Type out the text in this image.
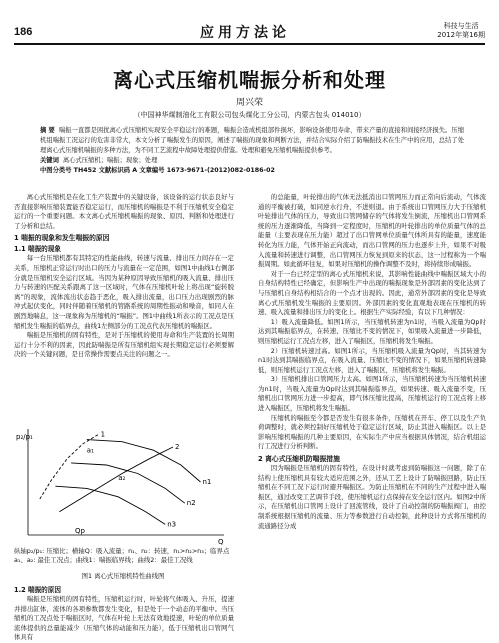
186	应用方法论	科技与生活
2012年第16期
离心式压缩机喘振分析和处理
周兴荣
（中国神华煤制油化工有限公司包头煤化工分公司，内蒙古包头 014010）
摘 要 喘振一直都是困扰离心式压缩机实现安全平稳运行的难题，喘振会造成机组部件损坏，影响设备使用寿命，带来产量的直接和间接经济损失。压缩机组喘振工况运行的危害非常大，本文分析了喘振发生的原因，阐述了喘振的现象和判断方法，并结合实际介绍了防喘振技术在生产中的应用，总结了处理离心式压缩机喘振的多种方法，为不同工艺流程中故障处理提供借鉴。处理和避免压缩机喘振提供参考。
关键词 离心式压缩机；喘振；现象；处理
中图分类号 TH452 文献标识码 A 文章编号 1673-9671-(2012)082-0186-02

离心式压缩机是在化工生产装置中的关键设备，该设备的运行状态良好与否直接影响压缩装置能否稳定运行，而压缩机的喘振是不利于压缩机安全稳定运行的一个重要问题。本文离心式压缩机喘振的现象、原因、判断和处理进行了分析和总结。

1 喘振的现象和发生喘振的原因
1.1 喘振的现象

每一台压缩机都有其特定的性能曲线，转速与流量、排出压力间存在一定关系，压缩机正常运行时出口的压力与流量在一定范围，如图1中曲线1右侧部分就是压缩机安全运行区域。当因为某种原因导致压缩机的吸入流量、排出压力与转速的匹配关系跟离了这一区域时，气体在压缩机叶轮上将出现“旋转脱离”的现象，流体流出状态趋于恶化，吸入排出流量，出口压力出现剧烈的脉冲式起伏变化，同时伴随着压缩机的管路系统的周期性振动和噪音，如同人在剧烈地喘息，这一现象称为压缩机的“喘振”。图1中曲线1所表示的工况点是压缩机发生喘振的临界点，曲线1左侧部分的工况点代表压缩机的喘振区。

喘振是压缩机的固有特性，是对于压缩机的使用寿命和生产装置的长周期运行十分不利的因素，因此防喘振是所有压缩机组实现长期稳定运行必须要解决的一个关键问题，是日常操作需要点关注的问题之一。

p₂/p₁
Q
1
2
n1
n2
n3
Qp
a₁
a₂
纵轴p₂/p₁: 压缩比；横轴Q：吸入流量；n₁、n₂：转速，n₁>n₂>n₃；临界点a₁、a₂: 最佳工况点；曲线1：喘振临界线；曲线2：最佳工况线
图1 离心式压缩机特性曲线图
1.2 喘振的原因

喘振是压缩机的固有特性，压缩机运行时，叶轮将气体吸入、升压，提速并排出缸体，流体的各项参数都发生变化，但是处于一个动态的平衡中。当压缩机的工况点处于喘振区时，气体在叶轮上无法有效地提速，叶轮的单位质量流体提供的总量能减少（压缩气体的动能和压力能），低于压缩机出口管网气体具有

的总能量，叶轮排出的气体无法抵消出口管网压力而正常向后流动，气体流通的平衡被打破，如同逆水行舟，不进则退。由于系统出口管网压力大于压缩机叶轮排出气体的压力，导致出口管网储存的气体将发生倒流，压缩机出口管网系统的压力逐渐降低，当降到一定程度时，压缩机的叶轮排出的单位质量气体的总能量（主要表现在压力能）超过了出口管网单位质量气体所具有的能量，速度能转化为压力能，气体开始正向流动，而出口管网的压力也逐步上升，如果不对吸入流量和转速进行调整，出口管网压力恢复到原来的状态，这一过程称为一个喘振周期。如此循环往复，如果对压缩机的操作调整不及时，将持续形成喘振。

对于一台已经定型的离心式压缩机来说，其影响性能曲线中喘振区域大小的自身结构特性已经确定，但影响生产中出现的喘振现象是外部因素的变化达到了与压缩机自身结构相结合的一个点才出现的。因此，通常外部因素的变化是导致离心式压缩机发生喘振的主要原因。外部因素的变化直观地表现在压缩机的转速、吸入流量和排出压力的变化上。根据生产实际经验，有以下几种情况：

1）吸入流量降低。如图1所示，当压缩机转速为n1时，当吸入流量为Qp时达到其喘振临界点，在转速、压缩比不变的情况下，如果吸入流量进一步降低，则压缩机运行工况点左移，进入了喘振区，压缩机将发生喘振。

2）压缩机转速过高。如图1所示，当压缩机吸入流量为Qp时，当其转速为n1时达到其喘振临界点，在吸入流量、压缩比不变的情况下，如果压缩机转速降低，则压缩机运行工况点左移，进入了喘振区，压缩机将发生喘振。

3）压缩机排出口管网压力太高。如图1所示，当压缩机转速为当压缩机转速为n1时，当吸入流量为Qp时达到其喘振临界点，如果转速、吸入流量不变，压缩机出口管网压力进一步提高，即气体压缩比提高，压缩机运行的工况点将上移进入喘振区，压缩机将发生喘振。

压缩机的喘振至今都是否发生有很多条件，压缩机在开车、停工以及生产负荷调整时，就必须控制好压缩机处于稳定运行区域，防止其进入喘振区。以上是影响压缩机喘振的几种主要原因，在实际生产中应当根据具体情况，结合机组运行工况进行分析判断。

2 离心式压缩机防喘振措施

因为喘振是压缩机的固有特性，在设计时就考虑到防喘振这一问题，除了在结构上使压缩机具有较大适应范围之外，还从工艺上设计了防喘振回路，防止压缩机在不同工况下运行时避开喘振区。为防止压缩机在不同的生产过程中进入喘振区，通过改变工艺调节手段，使压缩机运行点保持在安全运行区内。如图2中所示，在压缩机出口管网上设计了回流管线，设计了自动控制的防喘振阀门，由控制系统根据压缩机的流量、压力等参数进行自动控制，此种设计方式将压缩机的流通路径分成
